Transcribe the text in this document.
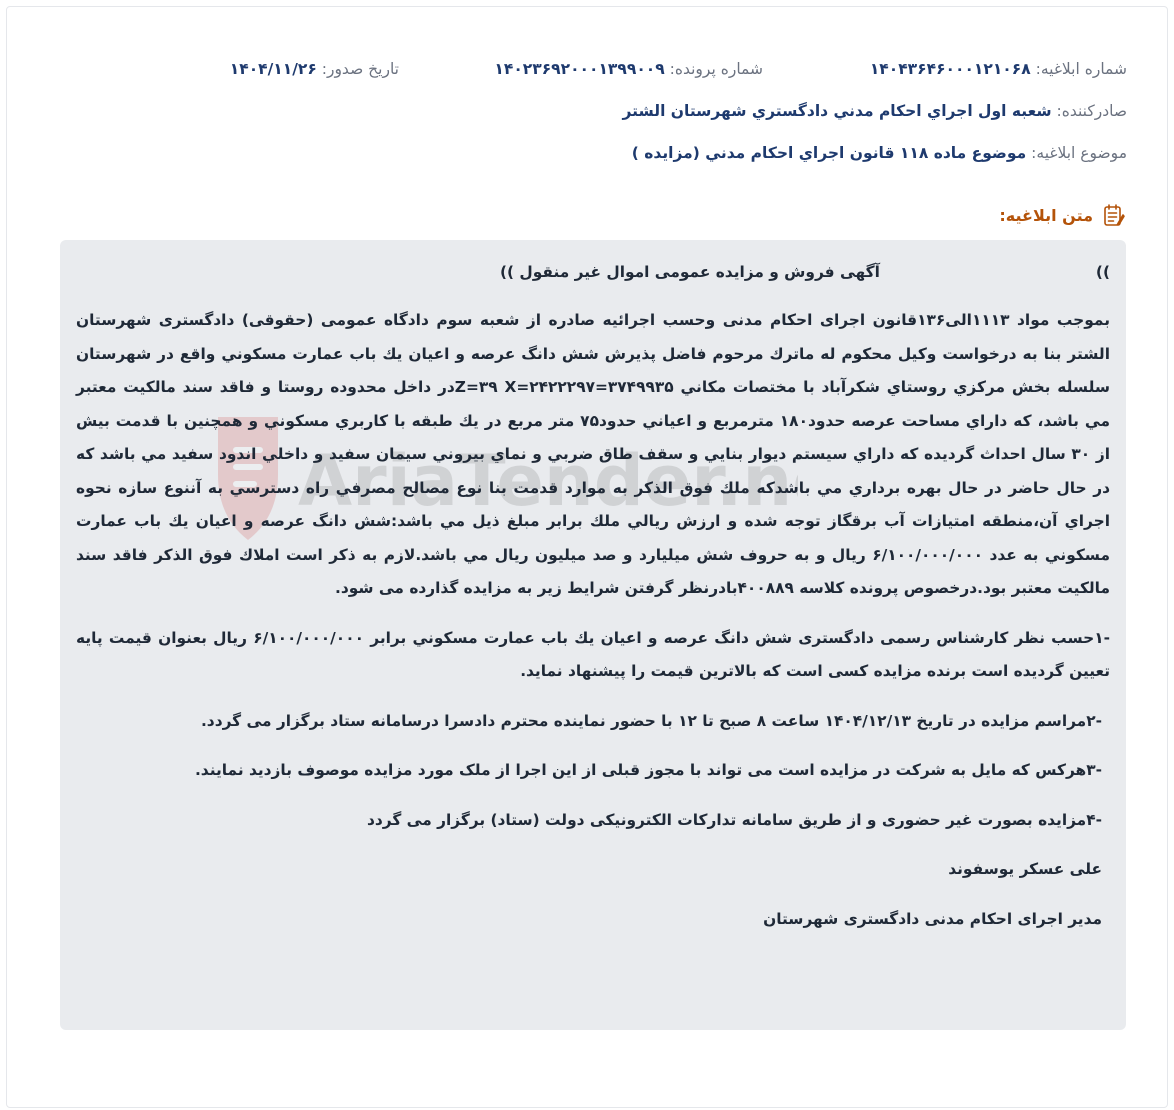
شماره ابلاغیه: ۱۴۰۴۳۶۴۶۰۰۰۱۲۱۰۶۸
شماره پرونده: ۱۴۰۲۳۶۹۲۰۰۰۱۳۹۹۰۰۹
تاریخ صدور: ۱۴۰۴/۱۱/۲۶
صادرکننده: شعبه اول اجراي احكام مدني دادگستري شهرستان الشتر
موضوع ابلاغیه: موضوع ماده ۱۱۸ قانون اجراي احكام مدني (مزايده )
متن ابلاغیه:
AriaTender.n
))
آگهی فروش و مزایده عمومی اموال غیر منقول ))

بموجب مواد ۱۱۱۳الی۱۳۶قانون اجرای احکام مدنی وحسب اجرائیه صادره از شعبه سوم دادگاه عمومی (حقوقی) دادگستری شهرستان الشتر بنا به درخواست وکیل محکوم له ماترك مرحوم فاضل پذیرش شش دانگ عرصه و اعيان يك باب عمارت مسكوني واقع در شهرستان سلسله بخش مركزي روستاي شكرآباد با مختصات مكاني Z=۳۹ X=۲۴۲۲۲۹۷=۳۷۴۹۹۳۵در داخل محدوده روستا و فاقد سند مالكيت معتبر مي باشد، كه داراي مساحت عرصه حدود۱۸۰ مترمربع و اعياني حدود۷۵ متر مربع در يك طبقه با كاربري مسكوني و همچنين با قدمت بيش از ۳۰ سال احداث گرديده كه داراي سيستم ديوار بنايي و سقف طاق ضربي و نماي بيروني سيمان سفيد و داخلي اندود سفيد مي باشد كه در حال حاضر در حال بهره برداري مي باشدكه ملك فوق الذكر به موارد قدمت بنا نوع مصالح مصرفي راه دسترسي به آننوع سازه نحوه اجراي آن،منطقه امتيازات آب برقگاز توجه شده و ارزش ريالي ملك برابر مبلغ ذيل مي باشد:شش دانگ عرصه و اعيان يك باب عمارت مسكوني به عدد ۶/۱۰۰/۰۰۰/۰۰۰ ريال و به حروف شش ميليارد و صد ميليون ريال مي باشد.لازم به ذکر است املاك فوق الذكر فاقد سند مالكيت معتبر بود.درخصوص پرونده کلاسه ۴۰۰۸۸۹بادرنظر گرفتن شرایط زیر به مزایده گذارده می شود.

-۱حسب نظر کارشناس رسمی دادگستری شش دانگ عرصه و اعيان يك باب عمارت مسكوني برابر ۶/۱۰۰/۰۰۰/۰۰۰ ريال بعنوان قیمت پایه تعیین گردیده است برنده مزایده کسی است که بالاترین قیمت را پیشنهاد نماید.

-۲مراسم مزایده در تاریخ ۱۴۰۴/۱۲/۱۳ ساعت ۸ صبح تا ۱۲ با حضور نماینده محترم دادسرا درسامانه ستاد برگزار می گردد.

-۳هرکس که مایل به شرکت در مزایده است می تواند با مجوز قبلی از این اجرا از ملک مورد مزایده موصوف بازدید نمایند.

-۴مزایده بصورت غیر حضوری و از طریق سامانه تدارکات الکترونیکی دولت (ستاد) برگزار می گردد

علی عسکر یوسفوند

مدیر اجرای احکام مدنی دادگستری شهرستان
